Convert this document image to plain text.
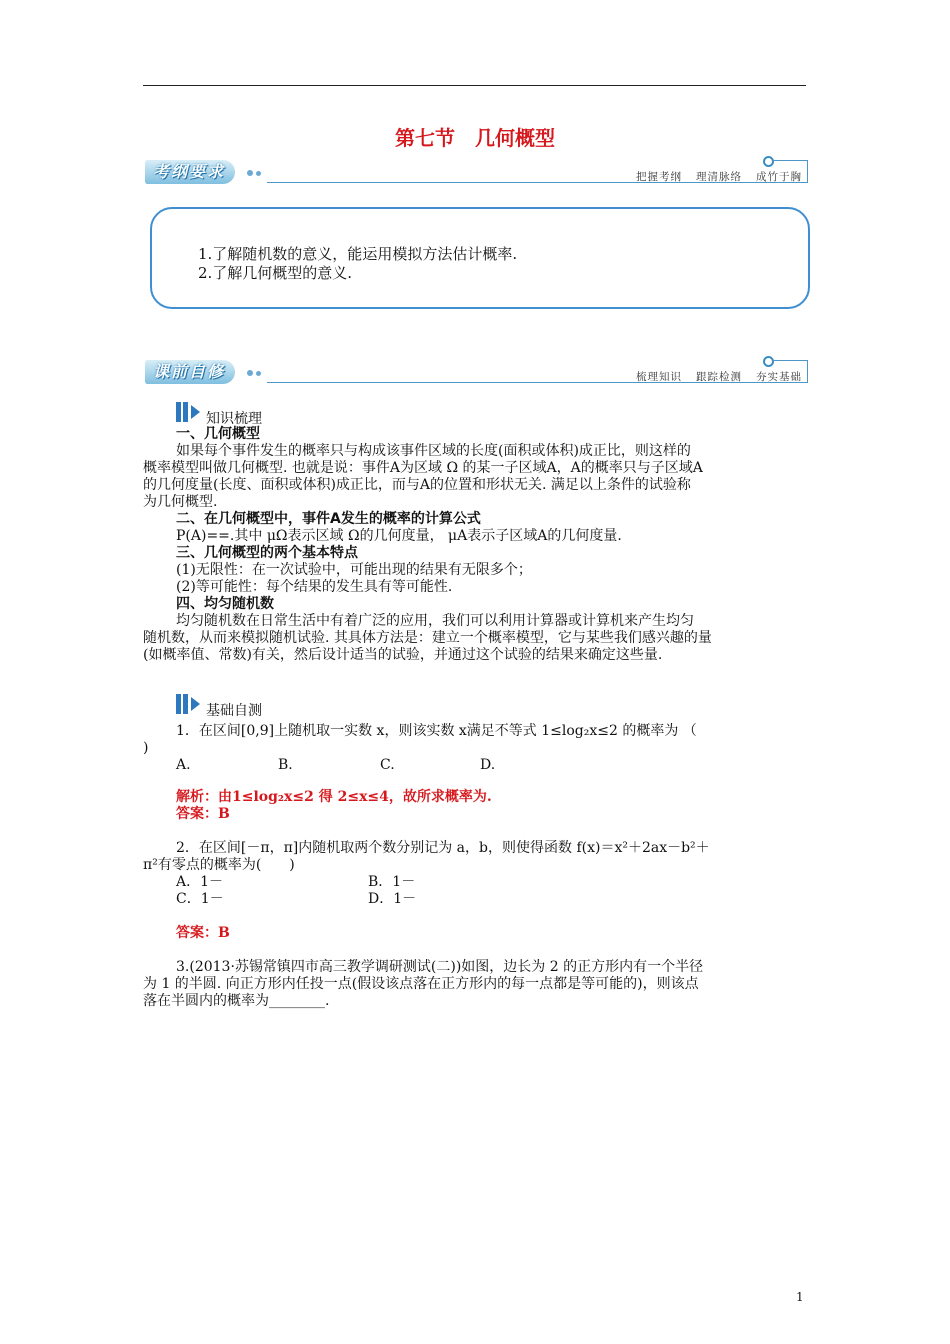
第七节　几何概型
考纲要求	把握考纲 理清脉络 成竹于胸
1.了解随机数的意义，能运用模拟方法估计概率.
2.了解几何概型的意义.
课前自修	梳理知识 跟踪检测 夯实基础
知识梳理
一、几何概型
如果每个事件发生的概率只与构成该事件区域的长度(面积或体积)成正比，则这样的
概率模型叫做几何概型. 也就是说：事件A为区域 Ω 的某一子区域A，A的概率只与子区域A
的几何度量(长度、面积或体积)成正比，而与A的位置和形状无关. 满足以上条件的试验称
为几何概型.
二、在几何概型中，事件A发生的概率的计算公式
P(A)==.其中 μΩ表示区域 Ω的几何度量， μA表示子区域A的几何度量.
三、几何概型的两个基本特点
(1)无限性：在一次试验中，可能出现的结果有无限多个；
(2)等可能性：每个结果的发生具有等可能性.
四、均匀随机数
均匀随机数在日常生活中有着广泛的应用，我们可以利用计算器或计算机来产生均匀
随机数，从而来模拟随机试验. 其具体方法是：建立一个概率模型，它与某些我们感兴趣的量
(如概率值、常数)有关，然后设计适当的试验，并通过这个试验的结果来确定这些量.
基础自测
1．在区间[0,9]上随机取一实数 x，则该实数 x满足不等式 1≤log₂x≤2 的概率为 （
)
A.	B.	C.	D.
解析：由1≤log₂x≤2 得 2≤x≤4，故所求概率为.
答案：B
2．在区间[－π，π]内随机取两个数分别记为 a，b，则使得函数 f(x)＝x²＋2ax－b²＋
π²有零点的概率为(　　)
A．1－	B．1－
C．1－	D．1－
答案：B
3.(2013·苏锡常镇四市高三教学调研测试(二))如图，边长为 2 的正方形内有一个半径
为 1 的半圆. 向正方形内任投一点(假设该点落在正方形内的每一点都是等可能的)，则该点
落在半圆内的概率为________.
1
